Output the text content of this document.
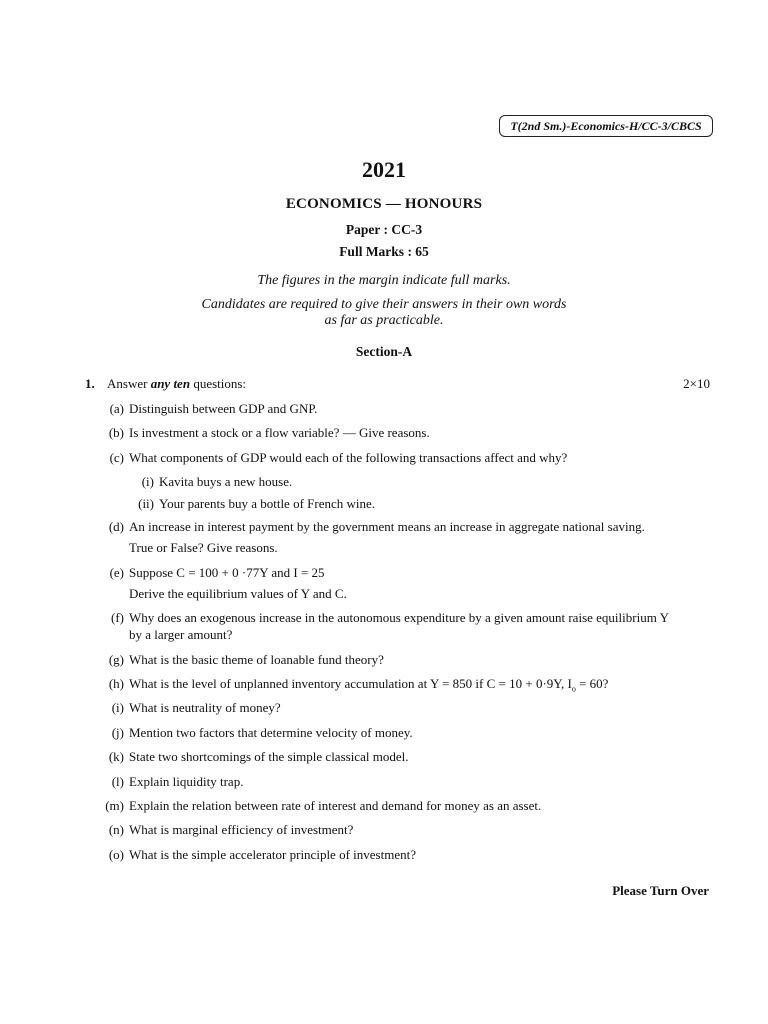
T(2nd Sm.)-Economics-H/CC-3/CBCS
2021
ECONOMICS — HONOURS
Paper : CC-3
Full Marks : 65
The figures in the margin indicate full marks.
Candidates are required to give their answers in their own words
as far as practicable.
Section-A
1. Answer any ten questions:	2×10
(a) Distinguish between GDP and GNP.
(b) Is investment a stock or a flow variable? — Give reasons.
(c) What components of GDP would each of the following transactions affect and why?
(i) Kavita buys a new house.
(ii) Your parents buy a bottle of French wine.
(d) An increase in interest payment by the government means an increase in aggregate national saving.
True or False? Give reasons.
(e) Suppose C = 100 + 0 ·77Y and I = 25
Derive the equilibrium values of Y and C.
(f) Why does an exogenous increase in the autonomous expenditure by a given amount raise equilibrium Y
by a larger amount?
(g) What is the basic theme of loanable fund theory?
(h) What is the level of unplanned inventory accumulation at Y = 850 if C = 10 + 0·9Y, $I_o = 60$?
(i) What is neutrality of money?
(j) Mention two factors that determine velocity of money.
(k) State two shortcomings of the simple classical model.
(l) Explain liquidity trap.
(m) Explain the relation between rate of interest and demand for money as an asset.
(n) What is marginal efficiency of investment?
(o) What is the simple accelerator principle of investment?
Please Turn Over
